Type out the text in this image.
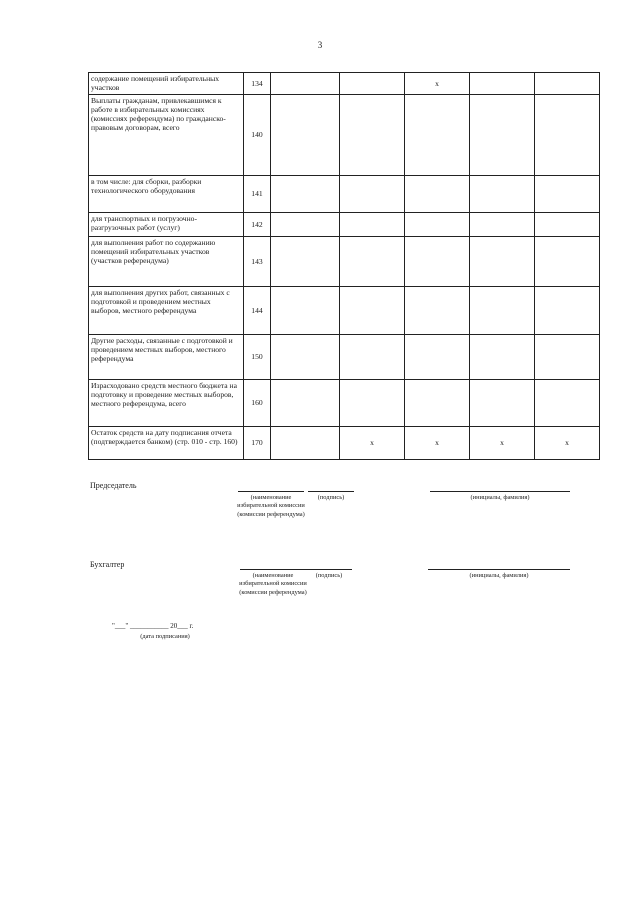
3
содержание помещений избирательных участков	134			x		
Выплаты гражданам, привлекавшимся к работе в избирательных комиссиях (комиссиях референдума) по гражданско-правовым договорам, всего	140					
в том числе: для сборки, разборки технологического оборудования	141					
для транспортных и погрузочно-разгрузочных работ (услуг)	142					
для выполнения работ по содержанию помещений избирательных участков (участков референдума)	143					
для выполнения других работ, связанных с подготовкой и проведением местных выборов, местного референдума	144					
Другие расходы, связанные с подготовкой и проведением местных выборов, местного референдума	150					
Израсходовано средств местного бюджета на подготовку и проведение местных выборов, местного референдума, всего	160					
Остаток средств на дату подписания отчета (подтверждается банком) (стр. 010 - стр. 160)	170		x	x	x	x
Председатель
(наименование избирательной комиссии (комиссии референдума)
(подпись)	(инициалы, фамилия)
Бухгалтер
(наименование избирательной комиссии (комиссии референдума)
(подпись)	(инициалы, фамилия)
"___" ___________ 20___ г.
(дата подписания)
